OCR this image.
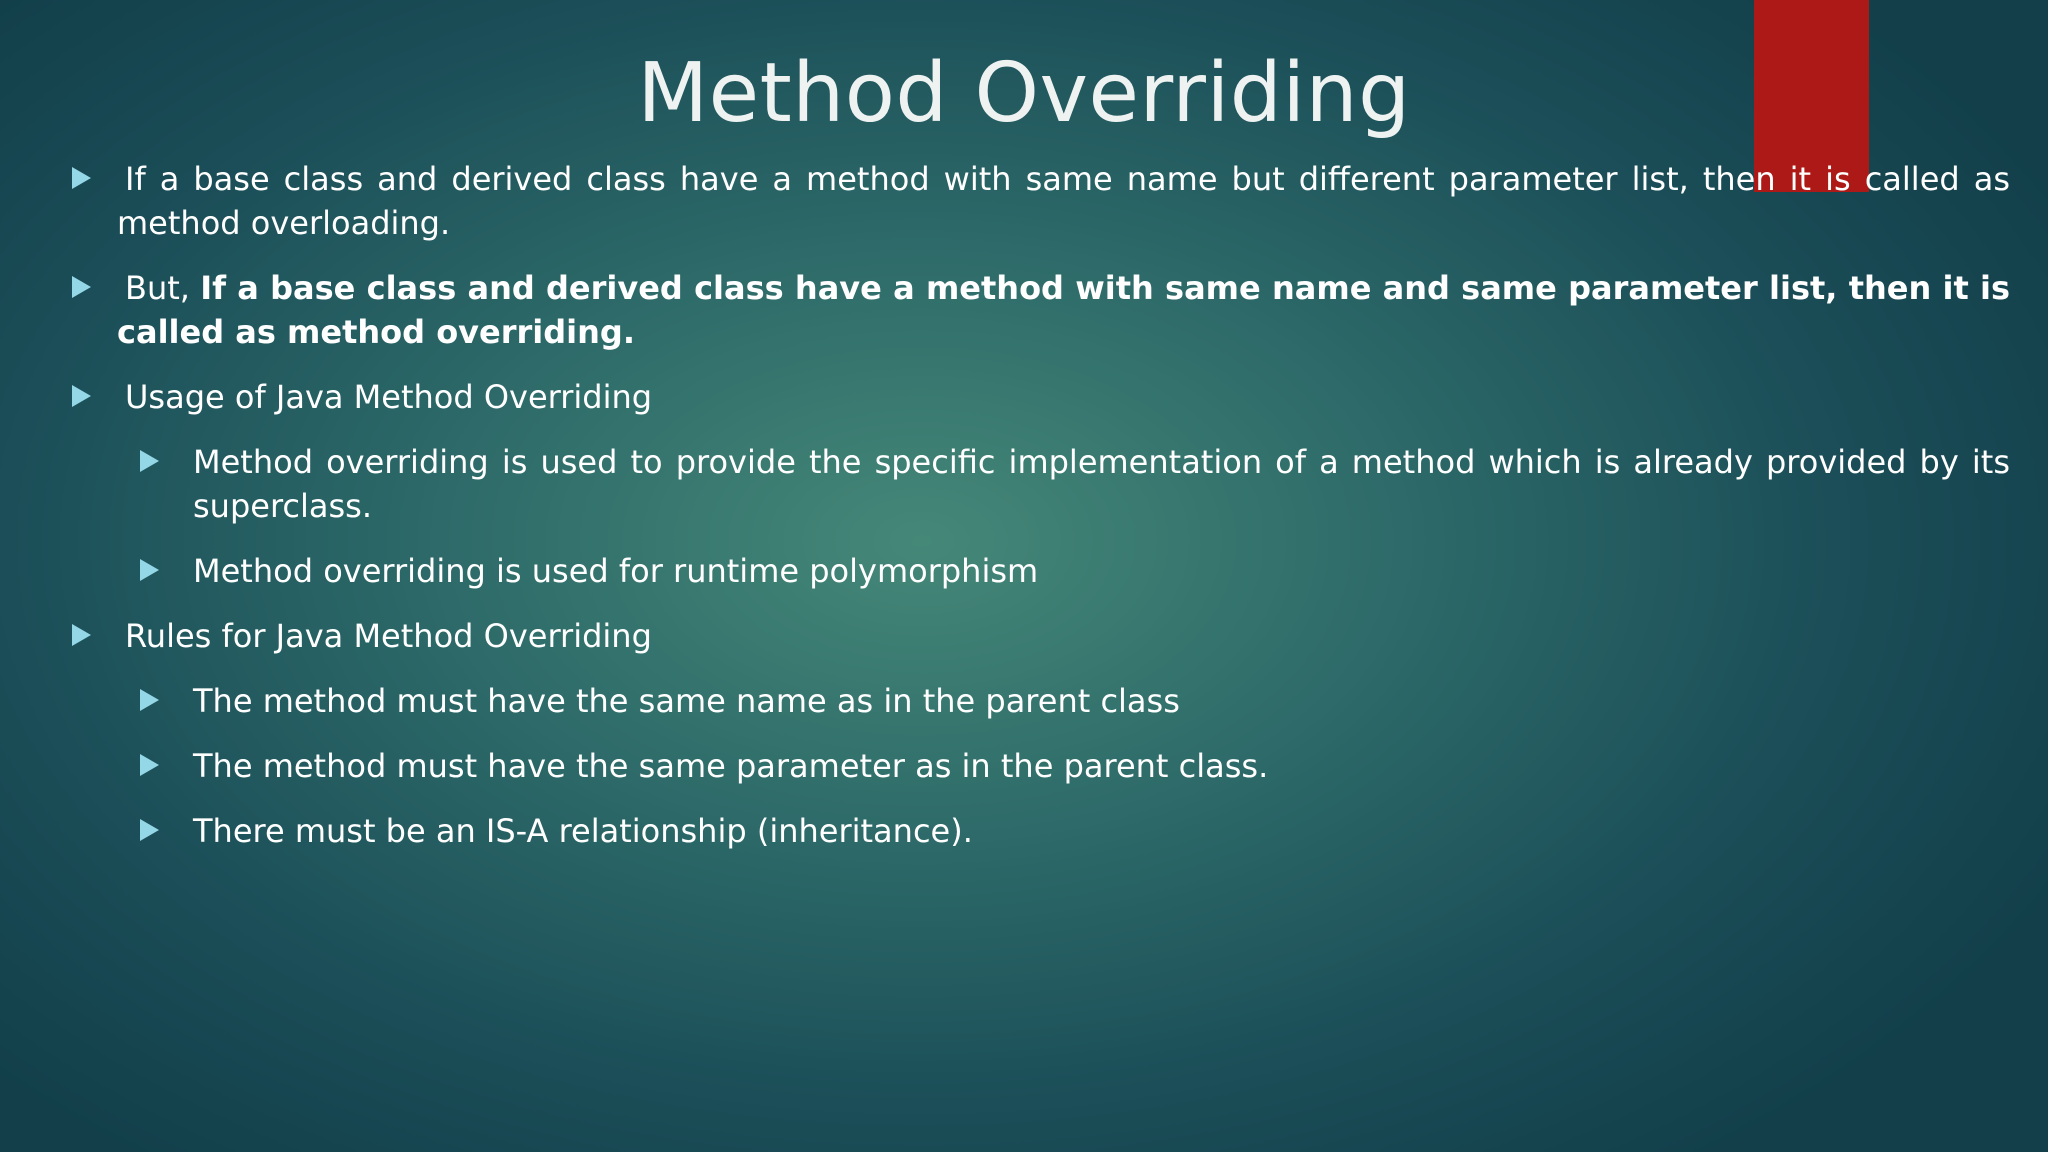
Method Overriding
If a base class and derived class have a method with same name but different parameter list, then it is called as method overloading.
But, If a base class and derived class have a method with same name and same parameter list, then it is called as method overriding.
Usage of Java Method Overriding
Method overriding is used to provide the specific implementation of a method which is already provided by its superclass.
Method overriding is used for runtime polymorphism
Rules for Java Method Overriding
The method must have the same name as in the parent class
The method must have the same parameter as in the parent class.
There must be an IS-A relationship (inheritance).
